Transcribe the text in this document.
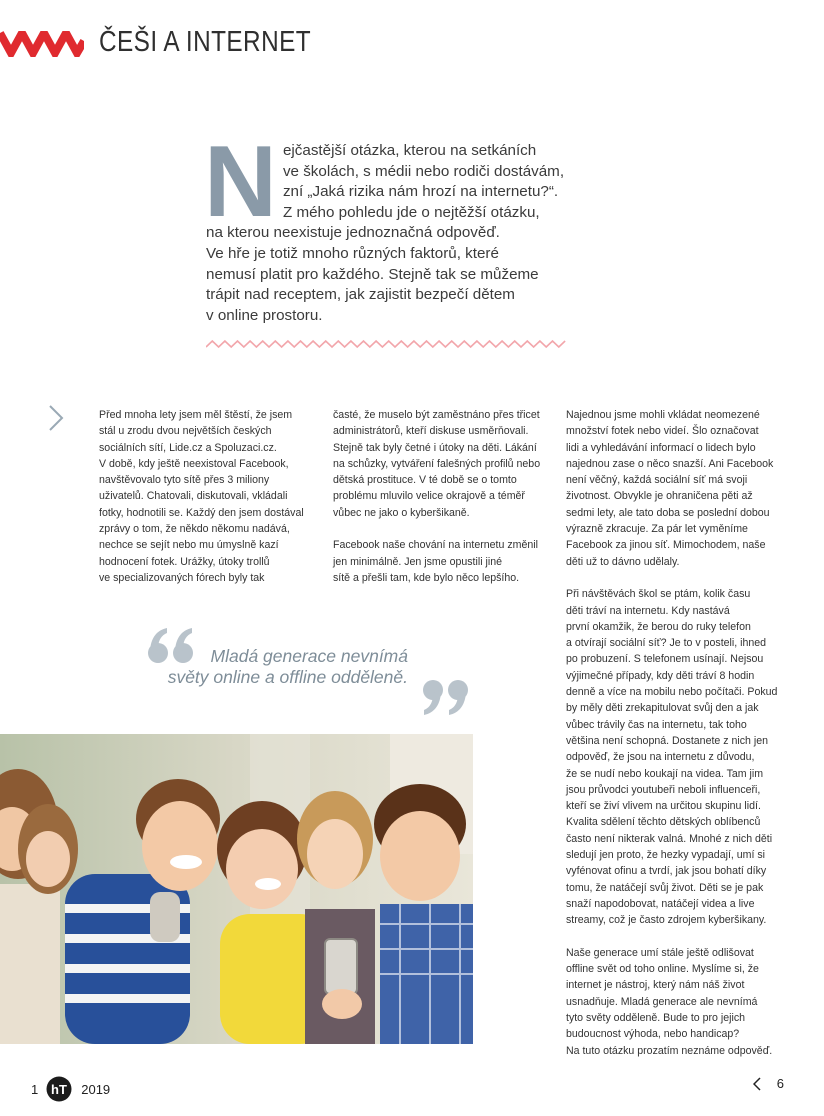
ČEŠI A INTERNET
N ejčastější otázka, kterou na setkáních
ve školách, s médii nebo rodiči dostávám,
zní „Jaká rizika nám hrozí na internetu?“.
Z mého pohledu jde o nejtěžší otázku,
na kterou neexistuje jednoznačná odpověď.
Ve hře je totiž mnoho různých faktorů, které
nemusí platit pro každého. Stejně tak se můžeme
trápit nad receptem, jak zajistit bezpečí dětem
v online prostoru.

Před mnoha lety jsem měl štěstí, že jsem
stál u zrodu dvou největších českých
sociálních sítí, Lide.cz a Spoluzaci.cz.
V době, kdy ještě neexistoval Facebook,
navštěvovalo tyto sítě přes 3 miliony
uživatelů. Chatovali, diskutovali, vkládali
fotky, hodnotili se. Každý den jsem dostával
zprávy o tom, že někdo někomu nadává,
nechce se sejít nebo mu úmyslně kazí
hodnocení fotek. Urážky, útoky trollů
ve specializovaných fórech byly tak

časté, že muselo být zaměstnáno přes třicet
administrátorů, kteří diskuse usměrňovali.
Stejně tak byly četné i útoky na děti. Lákání
na schůzky, vytváření falešných profilů nebo
dětská prostituce. V té době se o tomto
problému mluvilo velice okrajově a téměř
vůbec ne jako o kyberšikaně.

Facebook naše chování na internetu změnil
jen minimálně. Jen jsme opustili jiné
sítě a přešli tam, kde bylo něco lepšího.

Najednou jsme mohli vkládat neomezené
množství fotek nebo videí. Šlo označovat
lidi a vyhledávání informací o lidech bylo
najednou zase o něco snazší. Ani Facebook
není věčný, každá sociální síť má svoji
životnost. Obvykle je ohraničena pěti až
sedmi lety, ale tato doba se poslední dobou
výrazně zkracuje. Za pár let vyměníme
Facebook za jinou síť. Mimochodem, naše
děti už to dávno udělaly.

Při návštěvách škol se ptám, kolik času
děti tráví na internetu. Kdy nastává
první okamžik, že berou do ruky telefon
a otvírají sociální síť? Je to v posteli, ihned
po probuzení. S telefonem usínají. Nejsou
výjimečné případy, kdy děti tráví 8 hodin
denně a více na mobilu nebo počítači. Pokud
by měly děti zrekapitulovat svůj den a jak
vůbec trávily čas na internetu, tak toho
většina není schopná. Dostanete z nich jen
odpověď, že jsou na internetu z důvodu,
že se nudí nebo koukají na videa. Tam jim
jsou průvodci youtubeři neboli influenceři,
kteří se živí vlivem na určitou skupinu lidí.
Kvalita sdělení těchto dětských oblíbenců
často není nikterak valná. Mnohé z nich děti
sledují jen proto, že hezky vypadají, umí si
vyfénovat ofinu a tvrdí, jak jsou bohatí díky
tomu, že natáčejí svůj život. Děti se je pak
snaží napodobovat, natáčejí videa a live
streamy, což je často zdrojem kyberšikany.

Naše generace umí stále ještě odlišovat
offline svět od toho online. Myslíme si, že
internet je nástroj, který nám náš život
usnadňuje. Mladá generace ale nevnímá
tyto světy odděleně. Bude to pro jejich
budoucnost výhoda, nebo handicap?
Na tuto otázku prozatím neznáme odpověď.

Mladá generace nevnímá
světy online a offline odděleně.
1 hT 2019	6
